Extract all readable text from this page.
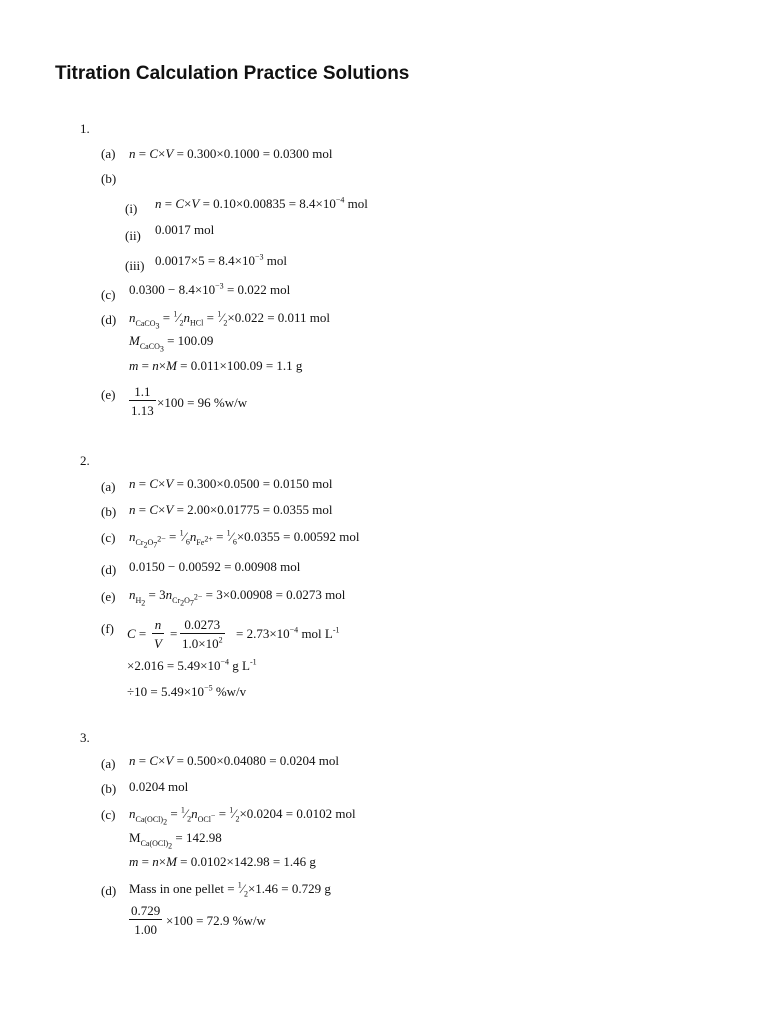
Titration Calculation Practice Solutions
1.
(a) n = C×V = 0.300×0.1000 = 0.0300 mol
(b)
(i) $n = C\times V = 0.10\times 0.00835 = 8.4\times 10^{-4}$ mol
(ii) 0.0017 mol
(iii) $0.0017\times 5 = 8.4\times 10^{-3}$ mol
(c) $0.0300 - 8.4\times 10^{-3} = 0.022$ mol
(d) $n_{CaCO_3}$ = $^1⁄_2n_{HCl}$ = $^1⁄_2\times 0.022 = 0.011$ mol
$M_{CaCO_3} = 100.09$
m = n×M = 0.011×100.09 = 1.1 g
$(e) \frac{1.1}{1.13} \times 100 = 96$ %w/w
2.
(a) n = C×V = 0.300×0.0500 = 0.0150 mol
(b) n = C×V = 2.00×0.01775 = 0.0355 mol
(c) $n_{Cr_2O_7^{2-}}$ = $^1⁄_6n_{Fe^{2+}}$ = $^1⁄_6\times 0.0355 = 0.00592$ mol
(d) 0.0150 − 0.00592 = 0.00908 mol
(e) $n_{H_2} = 3n_{Cr_2O_7^{2-}} = 3\times 0.00908 = 0.0273$ mol
(f) $C = \frac{n}{V} = \frac{0.0273}{1.0\times 10^2} = 2.73\times 10^{-4}$ mol $L^{-1}$
$\times 2.016 = 5.49\times 10^{-4}$ g $L^{-1}$
$\div 10 = 5.49\times 10^{-5}$ %w/v
3.
(a) n = C×V = 0.500×0.04080 = 0.0204 mol
(b) 0.0204 mol
(c) $n_{Ca(OCl)_2}$ = $^1⁄_2n_{OCl^-}$ = $^1⁄_2\times 0.0204 = 0.0102$ mol
$M_{Ca(OCl)_2} = 142.98$
m = n×M = 0.0102×142.98 = 1.46 g
(d) Mass in one pellet = $^1⁄_2\times 1.46 = 0.729$ g
$\frac{0.729}{1.00} \times 100 = 72.9$ %w/w
